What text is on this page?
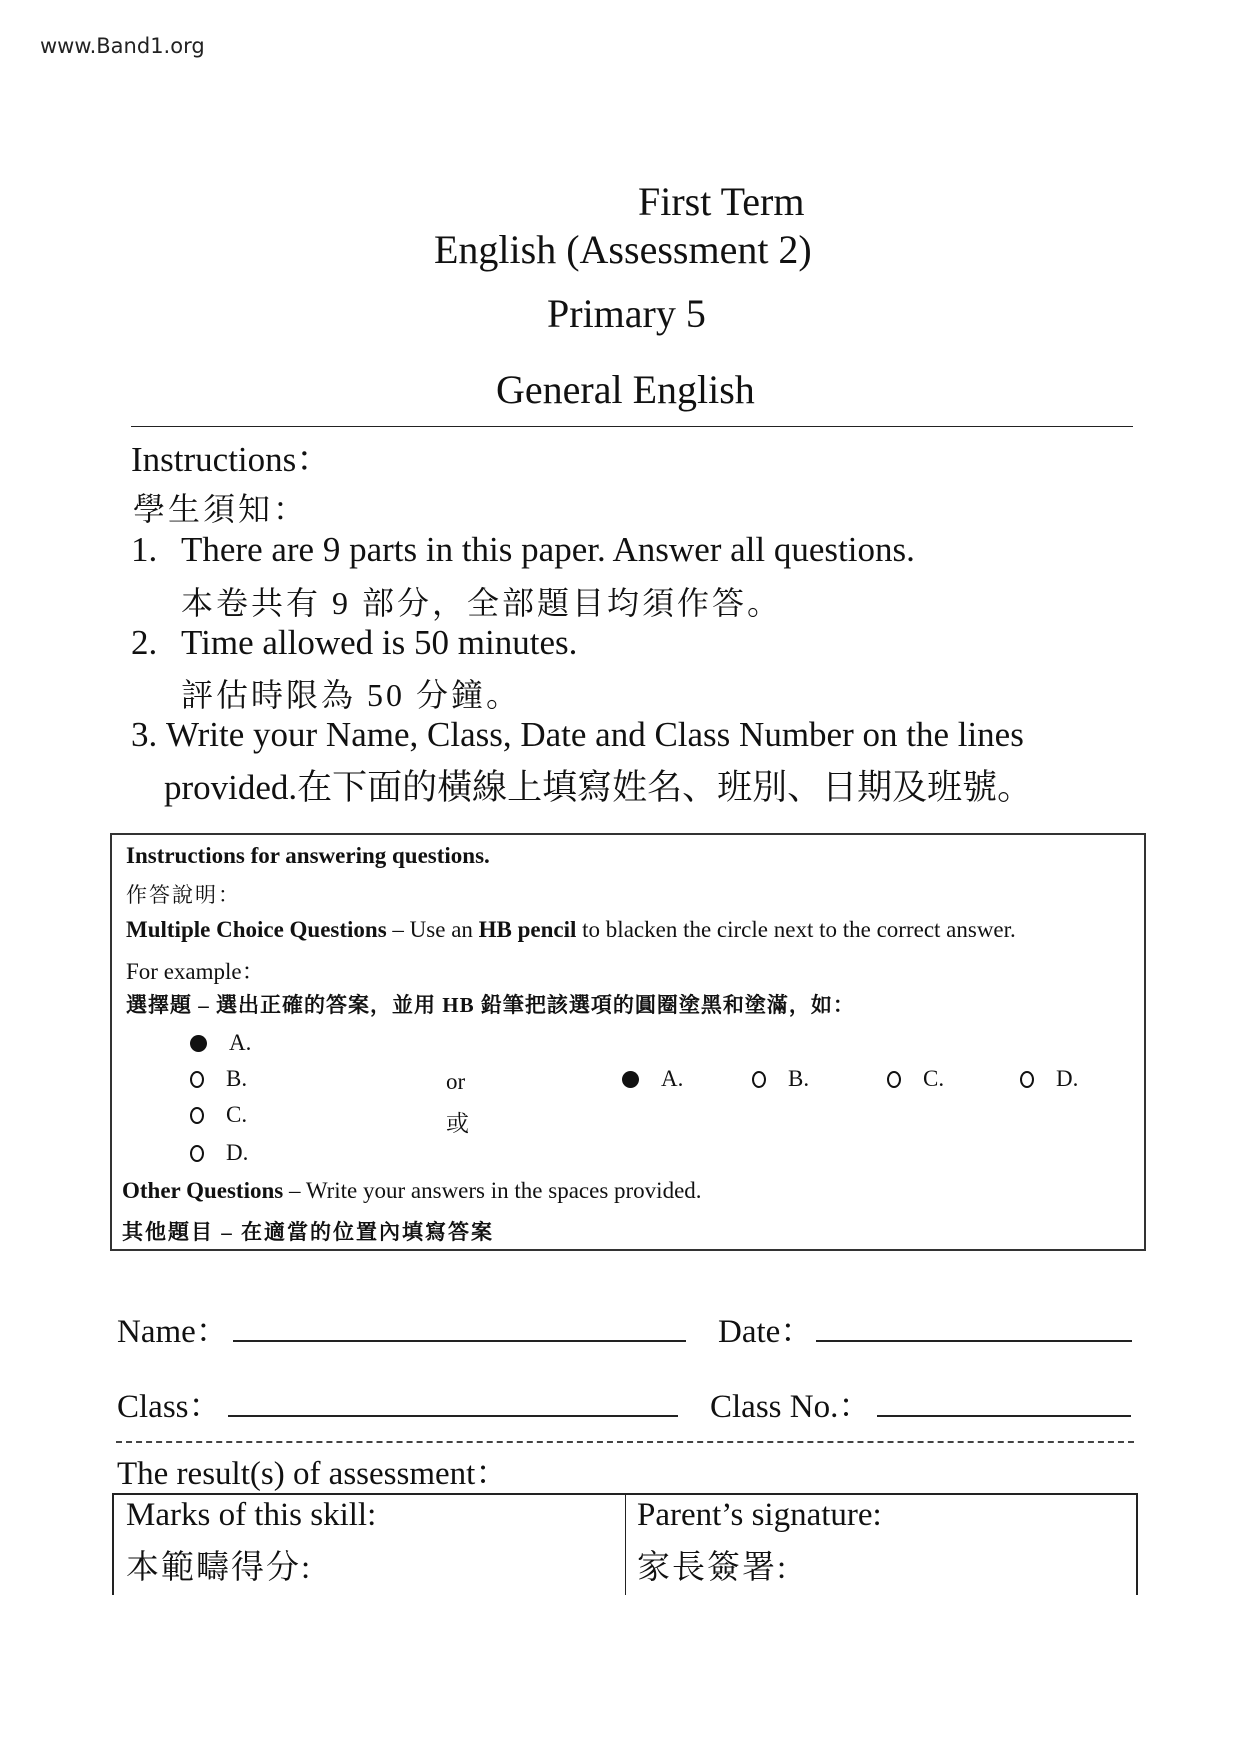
www.Band1.org
First Term
English (Assessment 2)
Primary 5
General English
Instructions：
學生須知：
1. There are 9 parts in this paper. Answer all questions.
本卷共有 9 部分，全部題目均須作答。
2. Time allowed is 50 minutes.
評估時限為 50 分鐘。
3. Write your Name, Class, Date and Class Number on the lines
provided.在下面的橫線上填寫姓名、班別、日期及班號。
Instructions for answering questions.
作答說明：
Multiple Choice Questions – Use an HB pencil to blacken the circle next to the correct answer.
For example：
選擇題 – 選出正確的答案，並用 HB 鉛筆把該選項的圓圈塗黑和塗滿，如：
A.
B.
C.
D.
or
或
A.	B.	C.	D.
Other Questions – Write your answers in the spaces provided.
其他題目 – 在適當的位置內填寫答案
Name：	Date：
Class：	Class No.：
The result(s) of assessment：
Marks of this skill:
本範疇得分:
Parent’s signature:
家長簽署:
